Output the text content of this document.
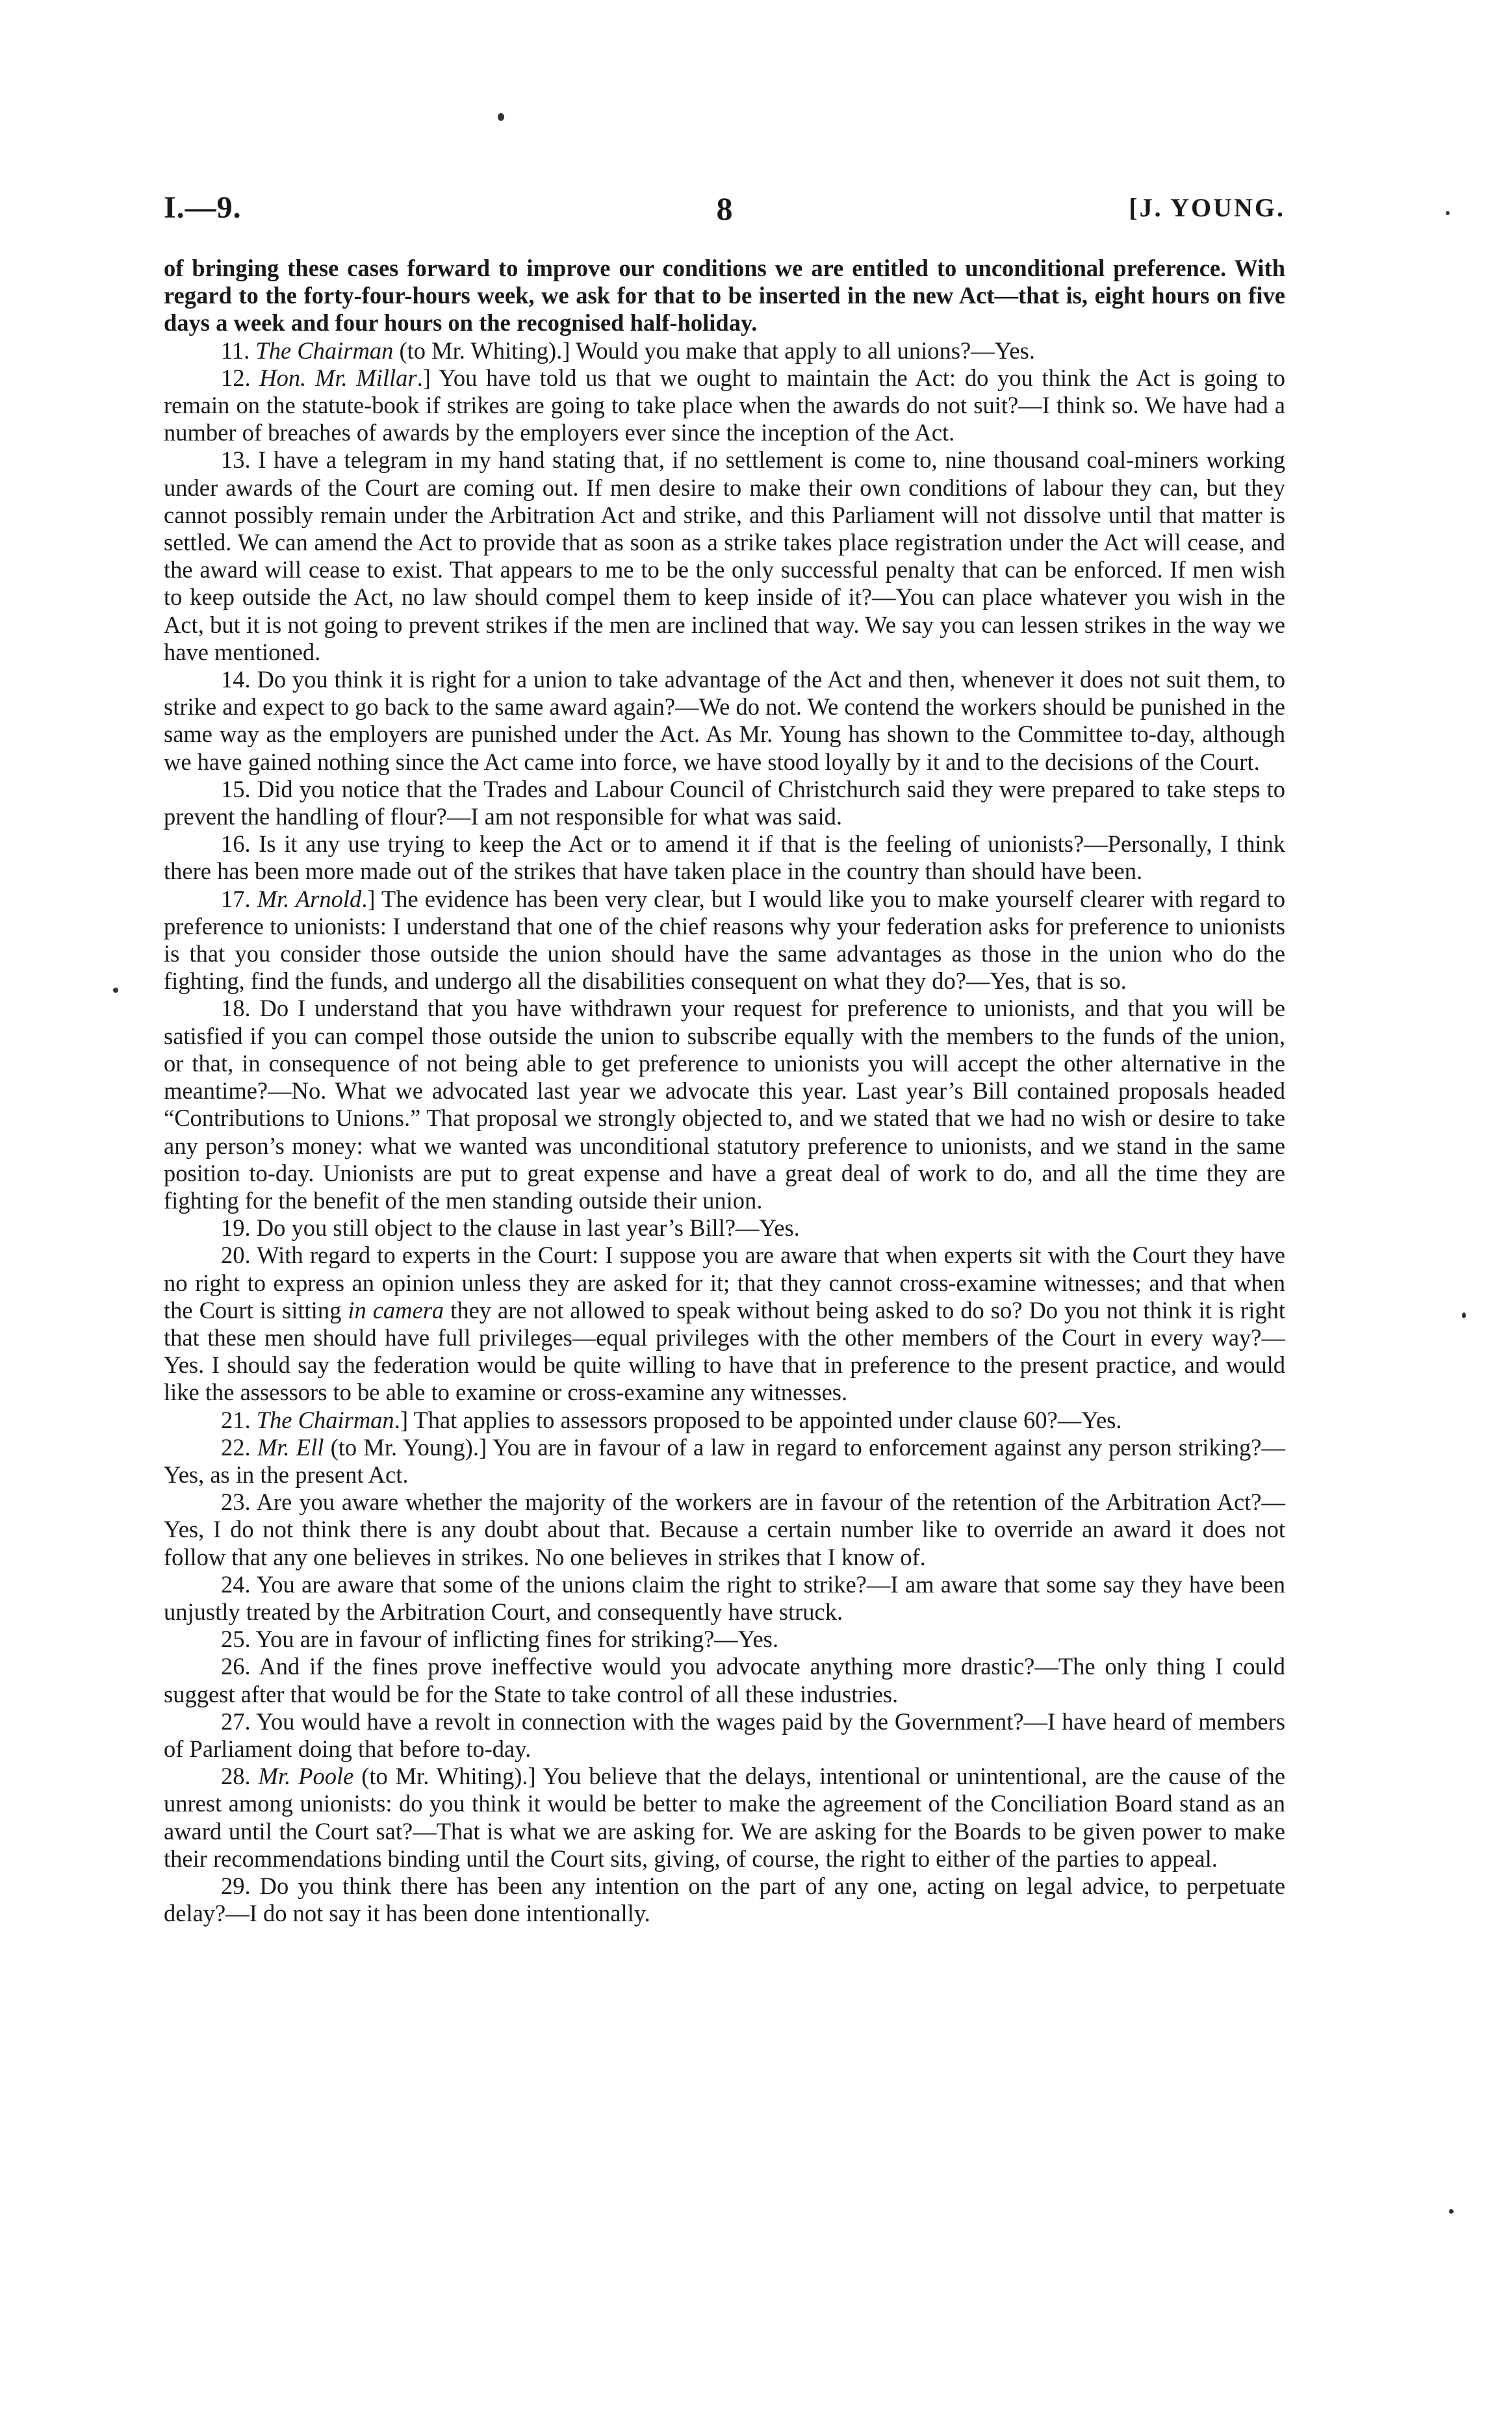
I.—9.	8	[J. YOUNG.

of bringing these cases forward to improve our conditions we are entitled to unconditional preference. With regard to the forty-four-hours week, we ask for that to be inserted in the new Act—that is, eight hours on five days a week and four hours on the recognised half-holiday.

11. The Chairman (to Mr. Whiting).] Would you make that apply to all unions?—Yes.

12. Hon. Mr. Millar.] You have told us that we ought to maintain the Act: do you think the Act is going to remain on the statute-book if strikes are going to take place when the awards do not suit?—I think so. We have had a number of breaches of awards by the employers ever since the inception of the Act.

13. I have a telegram in my hand stating that, if no settlement is come to, nine thousand coal-miners working under awards of the Court are coming out. If men desire to make their own conditions of labour they can, but they cannot possibly remain under the Arbitration Act and strike, and this Parliament will not dissolve until that matter is settled. We can amend the Act to provide that as soon as a strike takes place registration under the Act will cease, and the award will cease to exist. That appears to me to be the only successful penalty that can be enforced. If men wish to keep outside the Act, no law should compel them to keep inside of it?—You can place whatever you wish in the Act, but it is not going to prevent strikes if the men are inclined that way. We say you can lessen strikes in the way we have mentioned.

14. Do you think it is right for a union to take advantage of the Act and then, whenever it does not suit them, to strike and expect to go back to the same award again?—We do not. We contend the workers should be punished in the same way as the employers are punished under the Act. As Mr. Young has shown to the Committee to-day, although we have gained nothing since the Act came into force, we have stood loyally by it and to the decisions of the Court.

15. Did you notice that the Trades and Labour Council of Christchurch said they were prepared to take steps to prevent the handling of flour?—I am not responsible for what was said.

16. Is it any use trying to keep the Act or to amend it if that is the feeling of unionists?—Personally, I think there has been more made out of the strikes that have taken place in the country than should have been.

17. Mr. Arnold.] The evidence has been very clear, but I would like you to make yourself clearer with regard to preference to unionists: I understand that one of the chief reasons why your federation asks for preference to unionists is that you consider those outside the union should have the same advantages as those in the union who do the fighting, find the funds, and undergo all the disabilities consequent on what they do?—Yes, that is so.

18. Do I understand that you have withdrawn your request for preference to unionists, and that you will be satisfied if you can compel those outside the union to subscribe equally with the members to the funds of the union, or that, in consequence of not being able to get preference to unionists you will accept the other alternative in the meantime?—No. What we advocated last year we advocate this year. Last year’s Bill contained proposals headed “Contributions to Unions.” That proposal we strongly objected to, and we stated that we had no wish or desire to take any person’s money: what we wanted was unconditional statutory preference to unionists, and we stand in the same position to-day. Unionists are put to great expense and have a great deal of work to do, and all the time they are fighting for the benefit of the men standing outside their union.

19. Do you still object to the clause in last year’s Bill?—Yes.

20. With regard to experts in the Court: I suppose you are aware that when experts sit with the Court they have no right to express an opinion unless they are asked for it; that they cannot cross-examine witnesses; and that when the Court is sitting in camera they are not allowed to speak without being asked to do so? Do you not think it is right that these men should have full privileges—equal privileges with the other members of the Court in every way?—Yes. I should say the federation would be quite willing to have that in preference to the present practice, and would like the assessors to be able to examine or cross-examine any witnesses.

21. The Chairman.] That applies to assessors proposed to be appointed under clause 60?—Yes.

22. Mr. Ell (to Mr. Young).] You are in favour of a law in regard to enforcement against any person striking?—Yes, as in the present Act.

23. Are you aware whether the majority of the workers are in favour of the retention of the Arbitration Act?—Yes, I do not think there is any doubt about that. Because a certain number like to override an award it does not follow that any one believes in strikes. No one believes in strikes that I know of.

24. You are aware that some of the unions claim the right to strike?—I am aware that some say they have been unjustly treated by the Arbitration Court, and consequently have struck.

25. You are in favour of inflicting fines for striking?—Yes.

26. And if the fines prove ineffective would you advocate anything more drastic?—The only thing I could suggest after that would be for the State to take control of all these industries.

27. You would have a revolt in connection with the wages paid by the Government?—I have heard of members of Parliament doing that before to-day.

28. Mr. Poole (to Mr. Whiting).] You believe that the delays, intentional or unintentional, are the cause of the unrest among unionists: do you think it would be better to make the agreement of the Conciliation Board stand as an award until the Court sat?—That is what we are asking for. We are asking for the Boards to be given power to make their recommendations binding until the Court sits, giving, of course, the right to either of the parties to appeal.

29. Do you think there has been any intention on the part of any one, acting on legal advice, to perpetuate delay?—I do not say it has been done intentionally.
